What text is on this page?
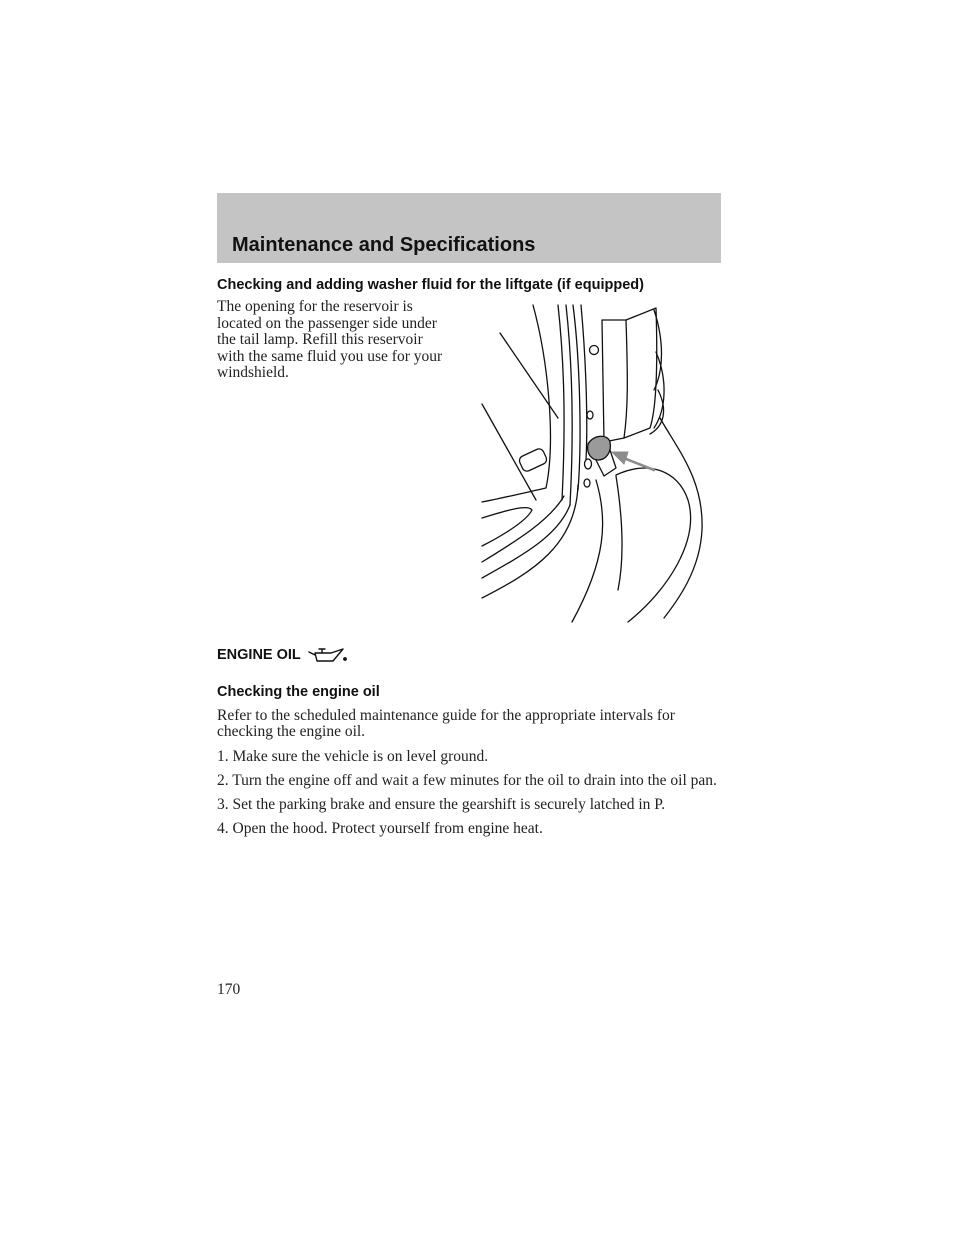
Maintenance and Specifications
Checking and adding washer fluid for the liftgate (if equipped)

The opening for the reservoir is
located on the passenger side under
the tail lamp. Refill this reservoir
with the same fluid you use for your
windshield.

ENGINE OIL
Checking the engine oil

Refer to the scheduled maintenance guide for the appropriate intervals for checking the engine oil.

1. Make sure the vehicle is on level ground.

2. Turn the engine off and wait a few minutes for the oil to drain into the oil pan.

3. Set the parking brake and ensure the gearshift is securely latched in P.

4. Open the hood. Protect yourself from engine heat.

170
